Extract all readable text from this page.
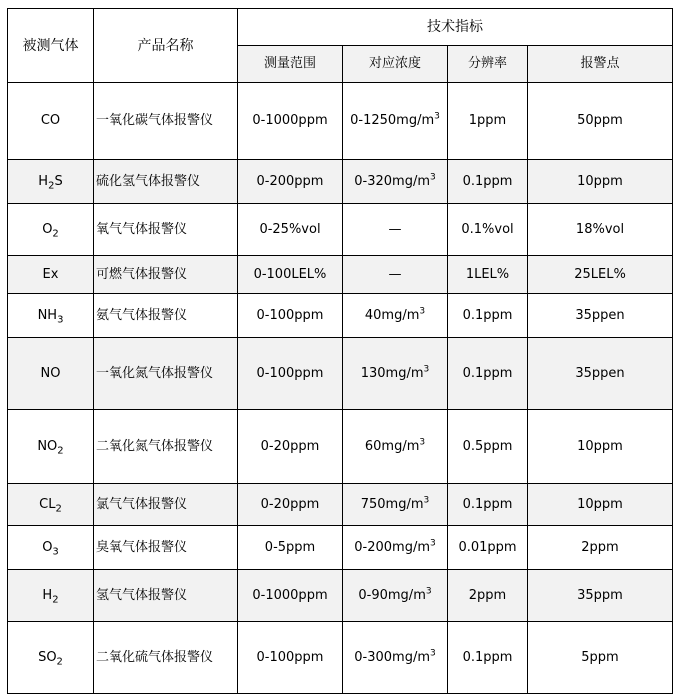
被测气体	产品名称	技术指标			
		测量范围	对应浓度	分辨率	报警点
CO	一氧化碳气体报警仪	0-1000ppm	$0-1250mg/m^3$	1ppm	50ppm
$H_2S$	硫化氢气体报警仪	0-200ppm	$0-320mg/m^3$	0.1ppm	10ppm
$O_2$	氧气气体报警仪	0-25%vol	—	0.1%vol	18%vol
Ex	可燃气体报警仪	0-100LEL%	—	1LEL%	25LEL%
$NH_3$	氨气气体报警仪	0-100ppm	$40mg/m^3$	0.1ppm	35ppen
NO	一氧化氮气体报警仪	0-100ppm	$130mg/m^3$	0.1ppm	35ppen
$NO_2$	二氧化氮气体报警仪	0-20ppm	$60mg/m^3$	0.5ppm	10ppm
$CL_2$	氯气气体报警仪	0-20ppm	$750mg/m^3$	0.1ppm	10ppm
$O_3$	臭氧气体报警仪	0-5ppm	$0-200mg/m^3$	0.01ppm	2ppm
$H_2$	氢气气体报警仪	0-1000ppm	$0-90mg/m^3$	2ppm	35ppm
$SO_2$	二氧化硫气体报警仪	0-100ppm	$0-300mg/m^3$	0.1ppm	5ppm
